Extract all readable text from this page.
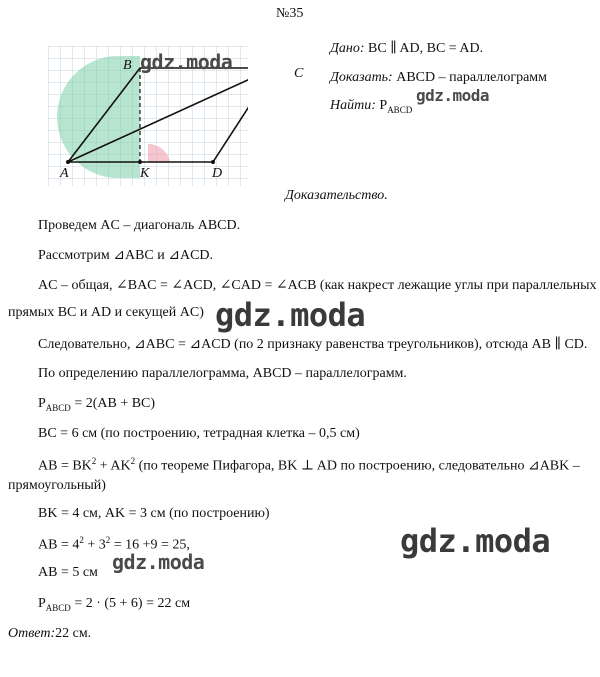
№35
A
B
C
D
K
Дано: BC ∥ AD, BC = AD.
Доказать: ABCD – параллелограмм
Найти: $P_{ABCD}$
Доказательство.
Проведем AC – диагональ ABCD.
Рассмотрим ⊿ABC и ⊿ACD.
AC – общая, ∠BAC = ∠ACD, ∠CAD = ∠ACB (как накрест лежащие углы при параллельных
прямых BC и AD и секущей AC)
Следовательно, ⊿ABC = ⊿ACD (по 2 признаку равенства треугольников), отсюда AB ∥ CD.
По определению параллелограмма, ABCD – параллелограмм.
$P_{ABCD} = 2(AB + BC)$
BC = 6 см (по построению, тетрадная клетка – 0,5 см)
AB = $BK^2 + AK^2$ (по теореме Пифагора, BK ⊥ AD по построению, следовательно ⊿ABK –
прямоугольный)
BK = 4 см, AK = 3 см (по построению)
AB = $4^2 + 3^2 = 16 +9 = 25$,
AB = 5 см
$P_{ABCD} = 2 \cdot (5 + 6) = 22$ см
Ответ:22 см.
gdz.moda
gdz.moda
gdz.moda
gdz.moda
gdz.moda
